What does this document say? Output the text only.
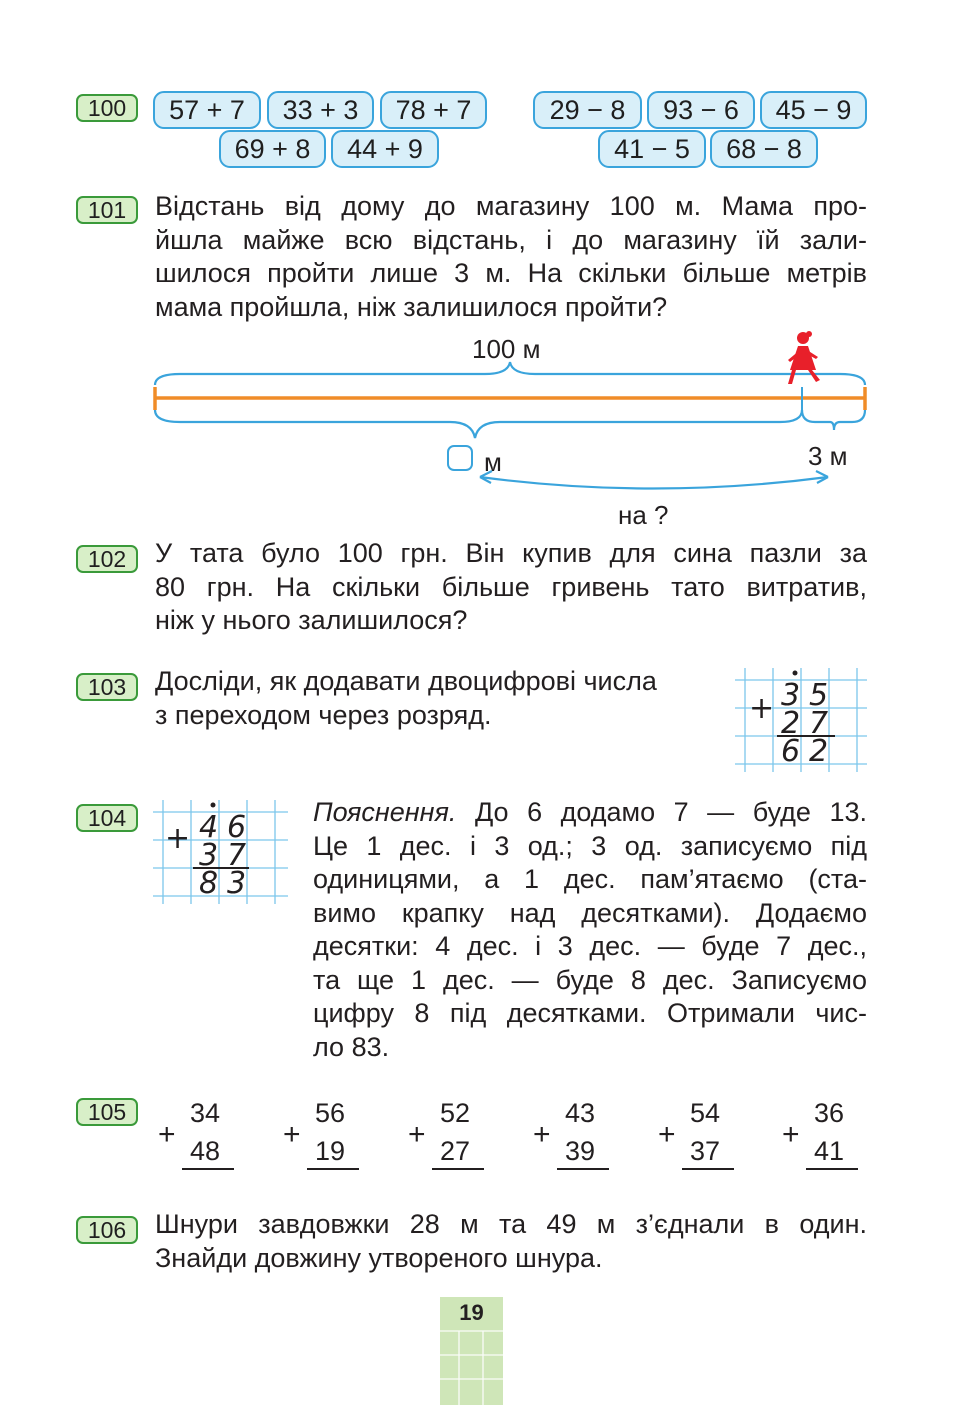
100	57 + 7	33 + 3	78 + 7
69 + 8	44 + 9
29 − 8	93 − 6	45 − 9
41 − 5	68 − 8
101	Відстань від дому до магазину 100 м. Мама про-
йшла майже всю відстань, і до магазину їй зали-
шилося пройти лише 3 м. На скільки більше метрів
мама пройшла, ніж залишилося пройти?
100 м
м	3 м
на ?
102	У тата було 100 грн. Він купив для сина пазли за
80 грн. На скільки більше гривень тато витратив,
ніж у нього залишилося?
103	Досліди, як додавати двоцифрові числа
з переходом через розряд.	+ 3 5
2 7
6 2
104
+ 4 6
3 7
8 3
Пояснення. До 6 додамо 7 — буде 13.
Це 1 дес. і 3 од.; 3 од. записуємо під
одиницями, а 1 дес. пам’ятаємо (ста-
вимо крапку над десятками). Додаємо
десятки: 4 дес. і 3 дес. — буде 7 дес.,
та ще 1 дес. — буде 8 дес. Записуємо
цифру 8 під десятками. Отримали чис-
ло 83.
105
+
34
48 +
56
19 +
52
27 +
43
39 +
54
37 +
36
41
106	Шнури завдовжки 28 м та 49 м з’єднали в один.
Знайди довжину утвореного шнура.
19
